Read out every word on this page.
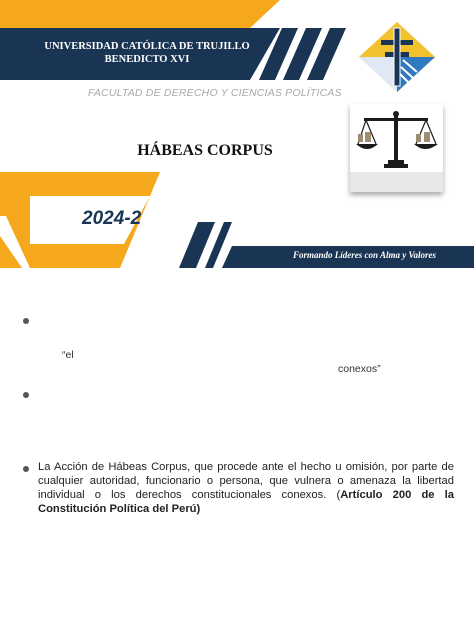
UNIVERSIDAD CATÓLICA DE TRUJILLO
BENEDICTO XVI
FACULTAD DE DERECHO Y CIENCIAS POLÍTICAS
HÁBEAS CORPUS
2024-2
Formando Líderes con Alma y Valores
“el
conexos”

La Acción de Hábeas Corpus, que procede ante el hecho u omisión, por parte de cualquier autoridad, funcionario o persona, que vulnera o amenaza la libertad individual o los derechos constitucionales conexos. (Artículo 200 de la Constitución Política del Perú)
